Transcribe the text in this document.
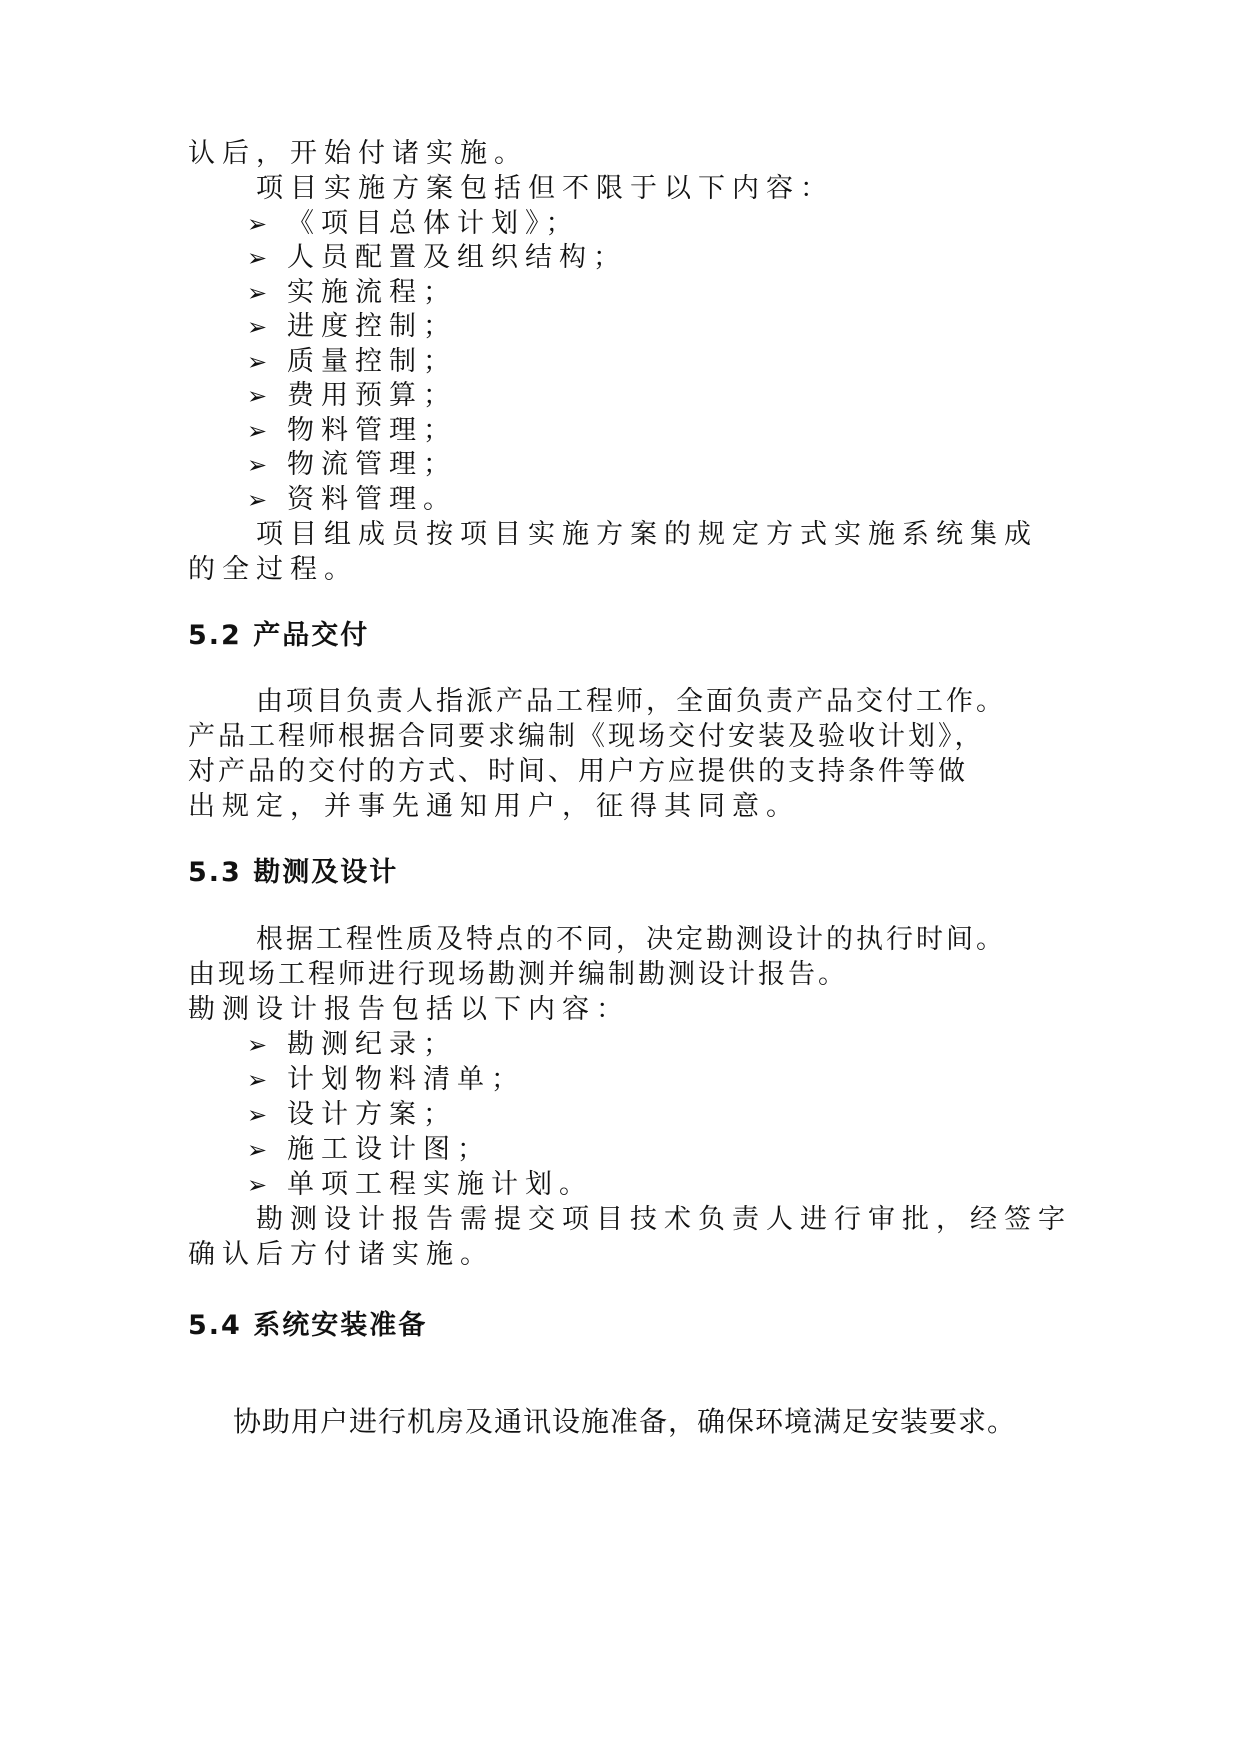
认后，开始付诸实施。
项目实施方案包括但不限于以下内容：
➢ 《项目总体计划》；
➢ 人员配置及组织结构；
➢ 实施流程；
➢ 进度控制；
➢ 质量控制；
➢ 费用预算；
➢ 物料管理；
➢ 物流管理；
➢ 资料管理。
项目组成员按项目实施方案的规定方式实施系统集成
的全过程。
5.2 产品交付
由项目负责人指派产品工程师，全面负责产品交付工作。
产品工程师根据合同要求编制《现场交付安装及验收计划》，
对产品的交付的方式、时间、用户方应提供的支持条件等做
出规定，并事先通知用户，征得其同意。
5.3 勘测及设计
根据工程性质及特点的不同，决定勘测设计的执行时间。
由现场工程师进行现场勘测并编制勘测设计报告。
勘测设计报告包括以下内容：
➢ 勘测纪录；
➢ 计划物料清单；
➢ 设计方案；
➢ 施工设计图；
➢ 单项工程实施计划。
勘测设计报告需提交项目技术负责人进行审批，经签字
确认后方付诸实施。
5.4 系统安装准备
协助用户进行机房及通讯设施准备，确保环境满足安装要求。
